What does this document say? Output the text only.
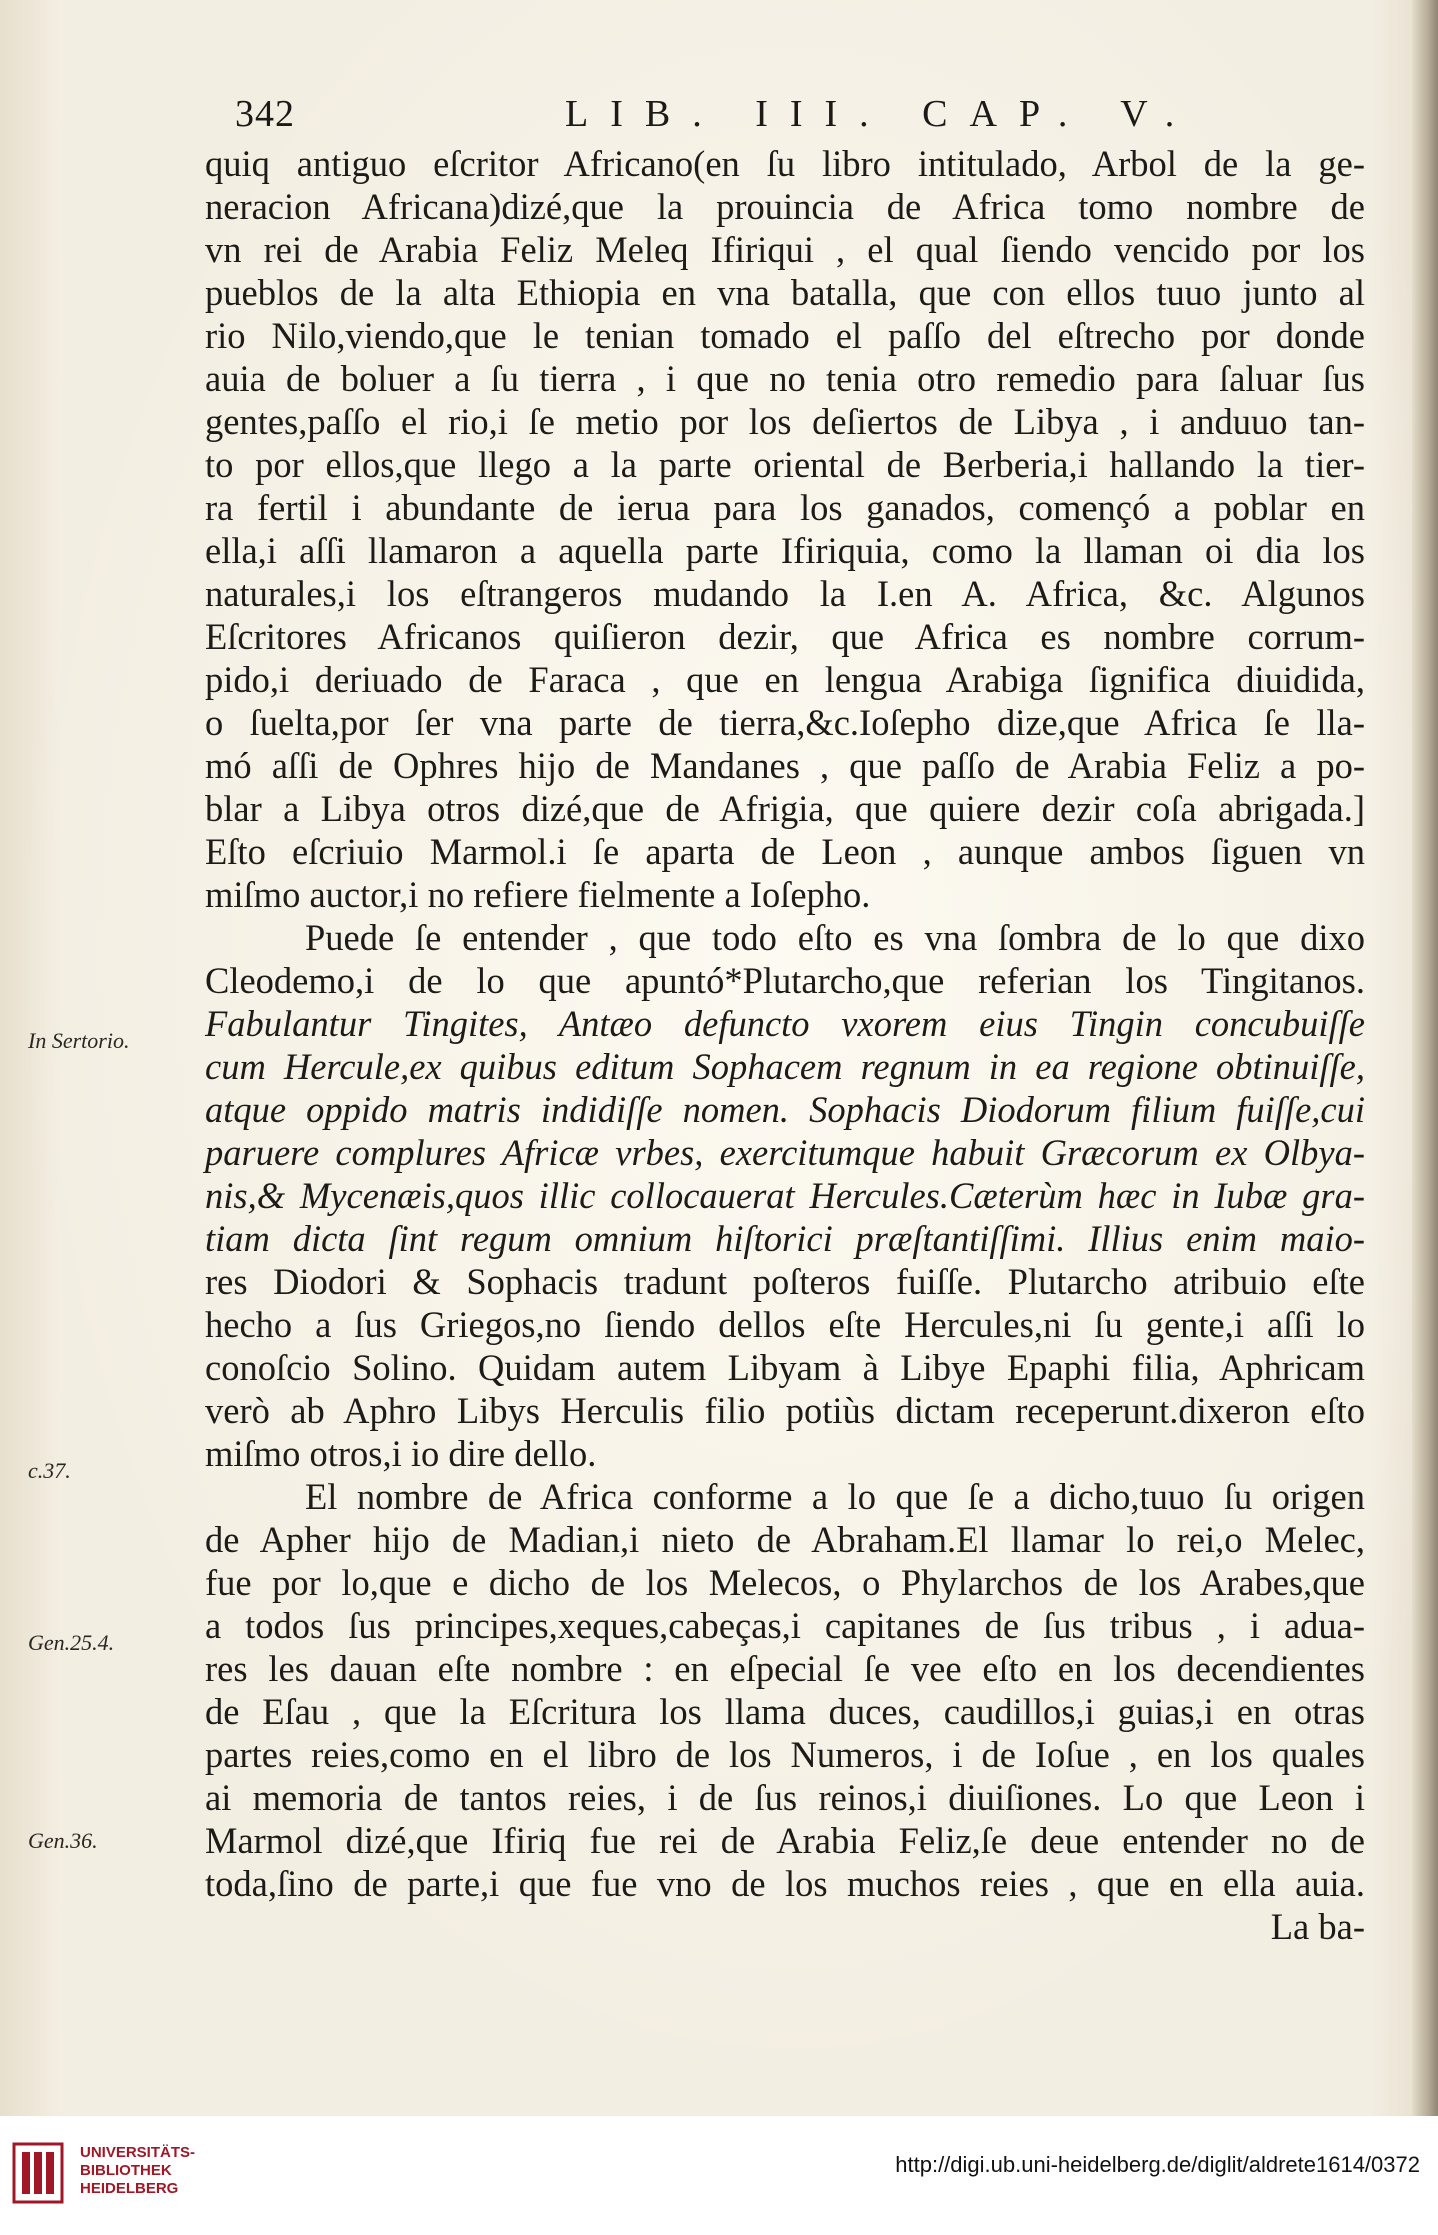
342	LIB. III. CAP. V.
In Sertorio.
c.37.
Gen.25.4.
Gen.36.
quiq antiguo eſcritor Africano(en ſu libro intitulado, Arbol de la ge-
neracion Africana)dizé,que la prouincia de Africa tomo nombre de
vn rei de Arabia Feliz Meleq Ifiriqui , el qual ſiendo vencido por los
pueblos de la alta Ethiopia en vna batalla, que con ellos tuuo junto al
rio Nilo,viendo,que le tenian tomado el paſſo del eſtrecho por donde
auia de boluer a ſu tierra , i que no tenia otro remedio para ſaluar ſus
gentes,paſſo el rio,i ſe metio por los deſiertos de Libya , i anduuo tan-
to por ellos,que llego a la parte oriental de Berberia,i hallando la tier-
ra fertil i abundante de ierua para los ganados, començó a poblar en
ella,i aſſi llamaron a aquella parte Ifiriquia, como la llaman oi dia los
naturales,i los eſtrangeros mudando la I.en A. Africa, &c. Algunos
Eſcritores Africanos quiſieron dezir, que Africa es nombre corrum-
pido,i deriuado de Faraca , que en lengua Arabiga ſignifica diuidida,
o ſuelta,por ſer vna parte de tierra,&c.Ioſepho dize,que Africa ſe lla-
mó aſſi de Ophres hijo de Mandanes , que paſſo de Arabia Feliz a po-
blar a Libya otros dizé,que de Afrigia, que quiere dezir coſa abrigada.]
Eſto eſcriuio Marmol.i ſe aparta de Leon , aunque ambos ſiguen vn
miſmo auctor,i no refiere fielmente a Ioſepho.
Puede ſe entender , que todo eſto es vna ſombra de lo que dixo
Cleodemo,i de lo que apuntó*Plutarcho,que referian los Tingitanos.
Fabulantur Tingites, Antæo defuncto vxorem eius Tingin concubuiſſe
cum Hercule,ex quibus editum Sophacem regnum in ea regione obtinuiſſe,
atque oppido matris indidiſſe nomen. Sophacis Diodorum filium fuiſſe,cui
paruere complures Africæ vrbes, exercitumque habuit Græcorum ex Olbya-
nis,& Mycenæis,quos illic collocauerat Hercules.Cæterùm hæc in Iubæ gra-
tiam dicta ſint regum omnium hiſtorici præſtantiſſimi. Illius enim maio-
res Diodori & Sophacis tradunt poſteros fuiſſe. Plutarcho atribuio eſte
hecho a ſus Griegos,no ſiendo dellos eſte Hercules,ni ſu gente,i aſſi lo
conoſcio Solino. Quidam autem Libyam à Libye Epaphi filia, Aphricam
verò ab Aphro Libys Herculis filio potiùs dictam receperunt.dixeron eſto
miſmo otros,i io dire dello.
El nombre de Africa conforme a lo que ſe a dicho,tuuo ſu origen
de Apher hijo de Madian,i nieto de Abraham.El llamar lo rei,o Melec,
fue por lo,que e dicho de los Melecos, o Phylarchos de los Arabes,que
a todos ſus principes,xeques,cabeças,i capitanes de ſus tribus , i adua-
res les dauan eſte nombre : en eſpecial ſe vee eſto en los decendientes
de Eſau , que la Eſcritura los llama duces, caudillos,i guias,i en otras
partes reies,como en el libro de los Numeros, i de Ioſue , en los quales
ai memoria de tantos reies, i de ſus reinos,i diuiſiones. Lo que Leon i
Marmol dizé,que Ifiriq fue rei de Arabia Feliz,ſe deue entender no de
toda,ſino de parte,i que fue vno de los muchos reies , que en ella auia.
La ba-
UNIVERSITÄTS-
BIBLIOTHEK
HEIDELBERG
http://digi.ub.uni-heidelberg.de/diglit/aldrete1614/0372
